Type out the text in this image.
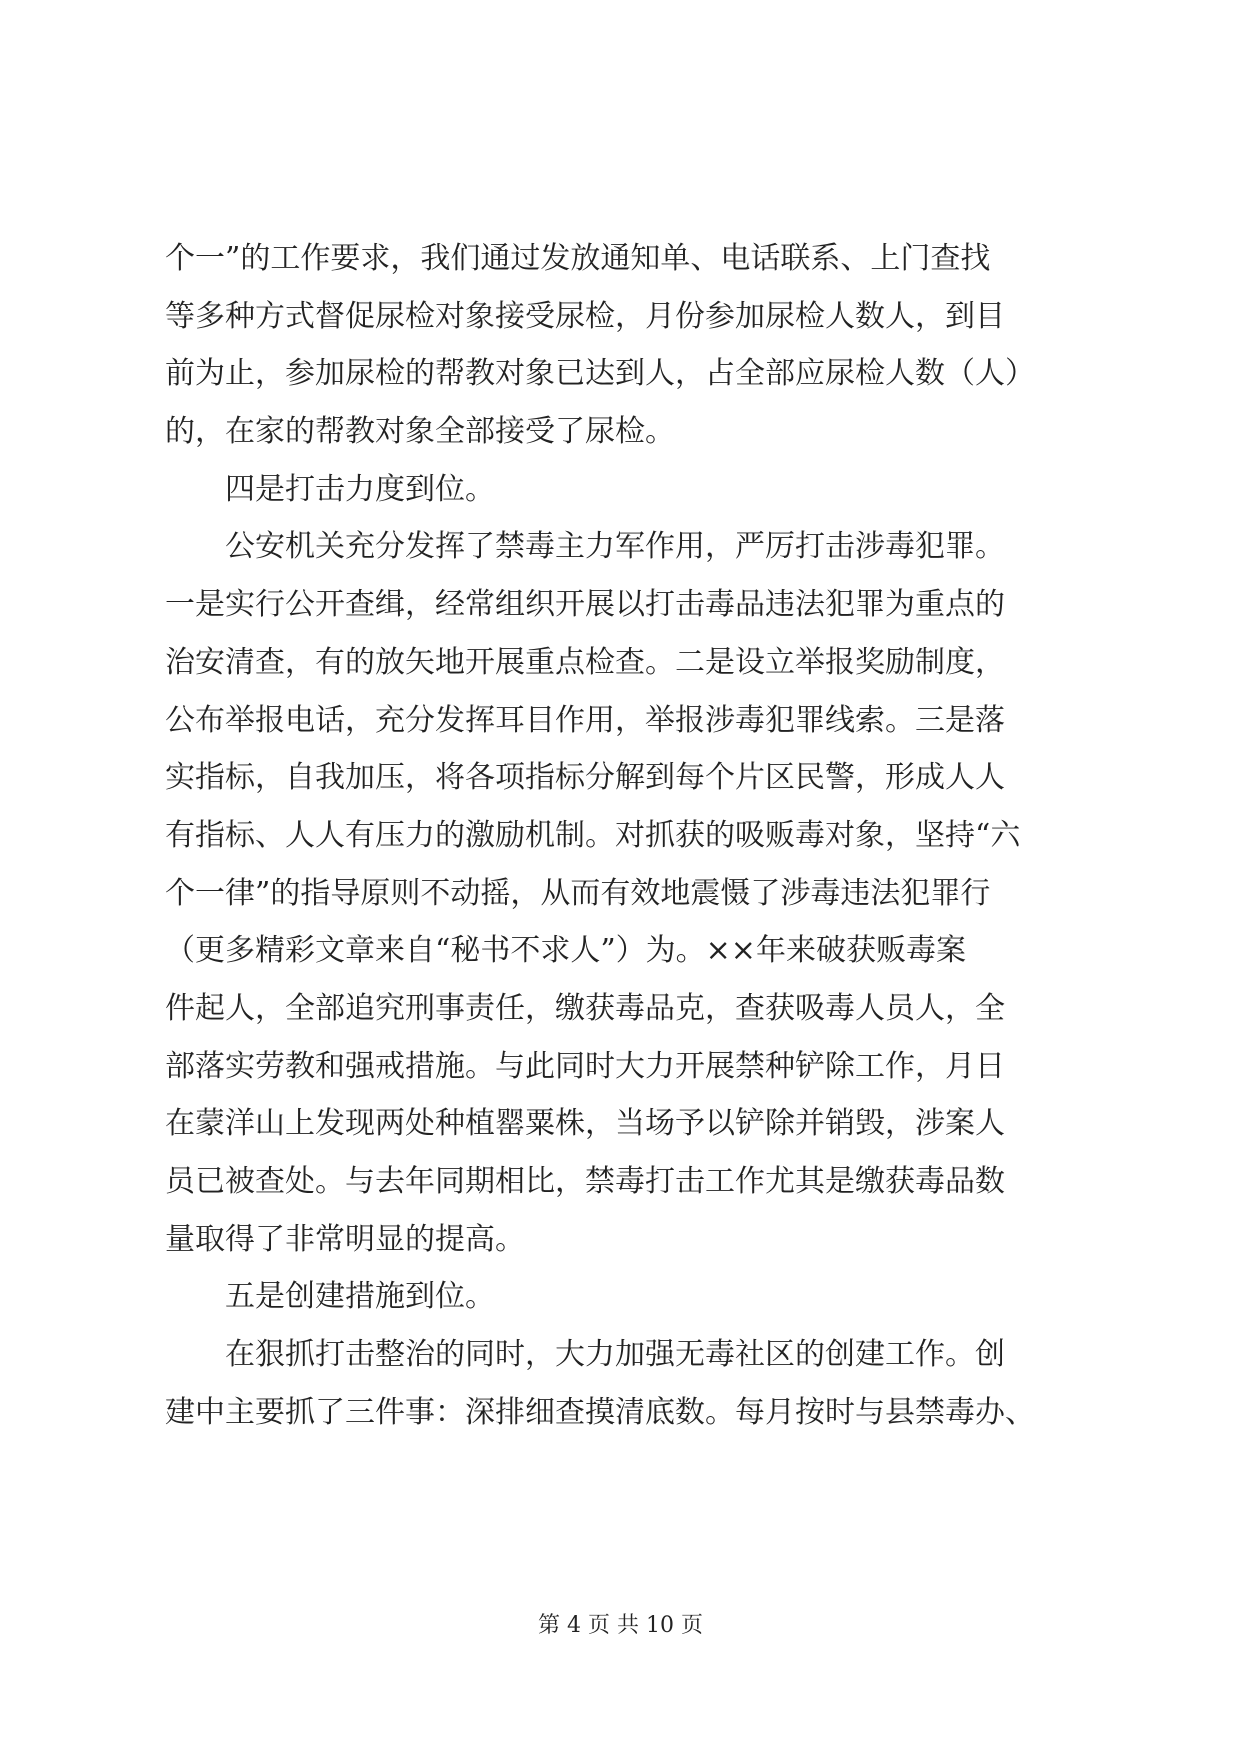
个一”的工作要求，我们通过发放通知单、电话联系、上门查找
等多种方式督促尿检对象接受尿检，月份参加尿检人数人，到目
前为止，参加尿检的帮教对象已达到人，占全部应尿检人数（人）
的，在家的帮教对象全部接受了尿检。
　　四是打击力度到位。
　　公安机关充分发挥了禁毒主力军作用，严厉打击涉毒犯罪。
一是实行公开查缉，经常组织开展以打击毒品违法犯罪为重点的
治安清查，有的放矢地开展重点检查。二是设立举报奖励制度，
公布举报电话，充分发挥耳目作用，举报涉毒犯罪线索。三是落
实指标，自我加压，将各项指标分解到每个片区民警，形成人人
有指标、人人有压力的激励机制。对抓获的吸贩毒对象，坚持“六
个一律”的指导原则不动摇，从而有效地震慑了涉毒违法犯罪行
（更多精彩文章来自“秘书不求人”）为。××年来破获贩毒案
件起人，全部追究刑事责任，缴获毒品克，查获吸毒人员人，全
部落实劳教和强戒措施。与此同时大力开展禁种铲除工作，月日
在蒙洋山上发现两处种植罂粟株，当场予以铲除并销毁，涉案人
员已被查处。与去年同期相比，禁毒打击工作尤其是缴获毒品数
量取得了非常明显的提高。
　　五是创建措施到位。
　　在狠抓打击整治的同时，大力加强无毒社区的创建工作。创
建中主要抓了三件事：深排细查摸清底数。每月按时与县禁毒办、
第 4 页 共 10 页
